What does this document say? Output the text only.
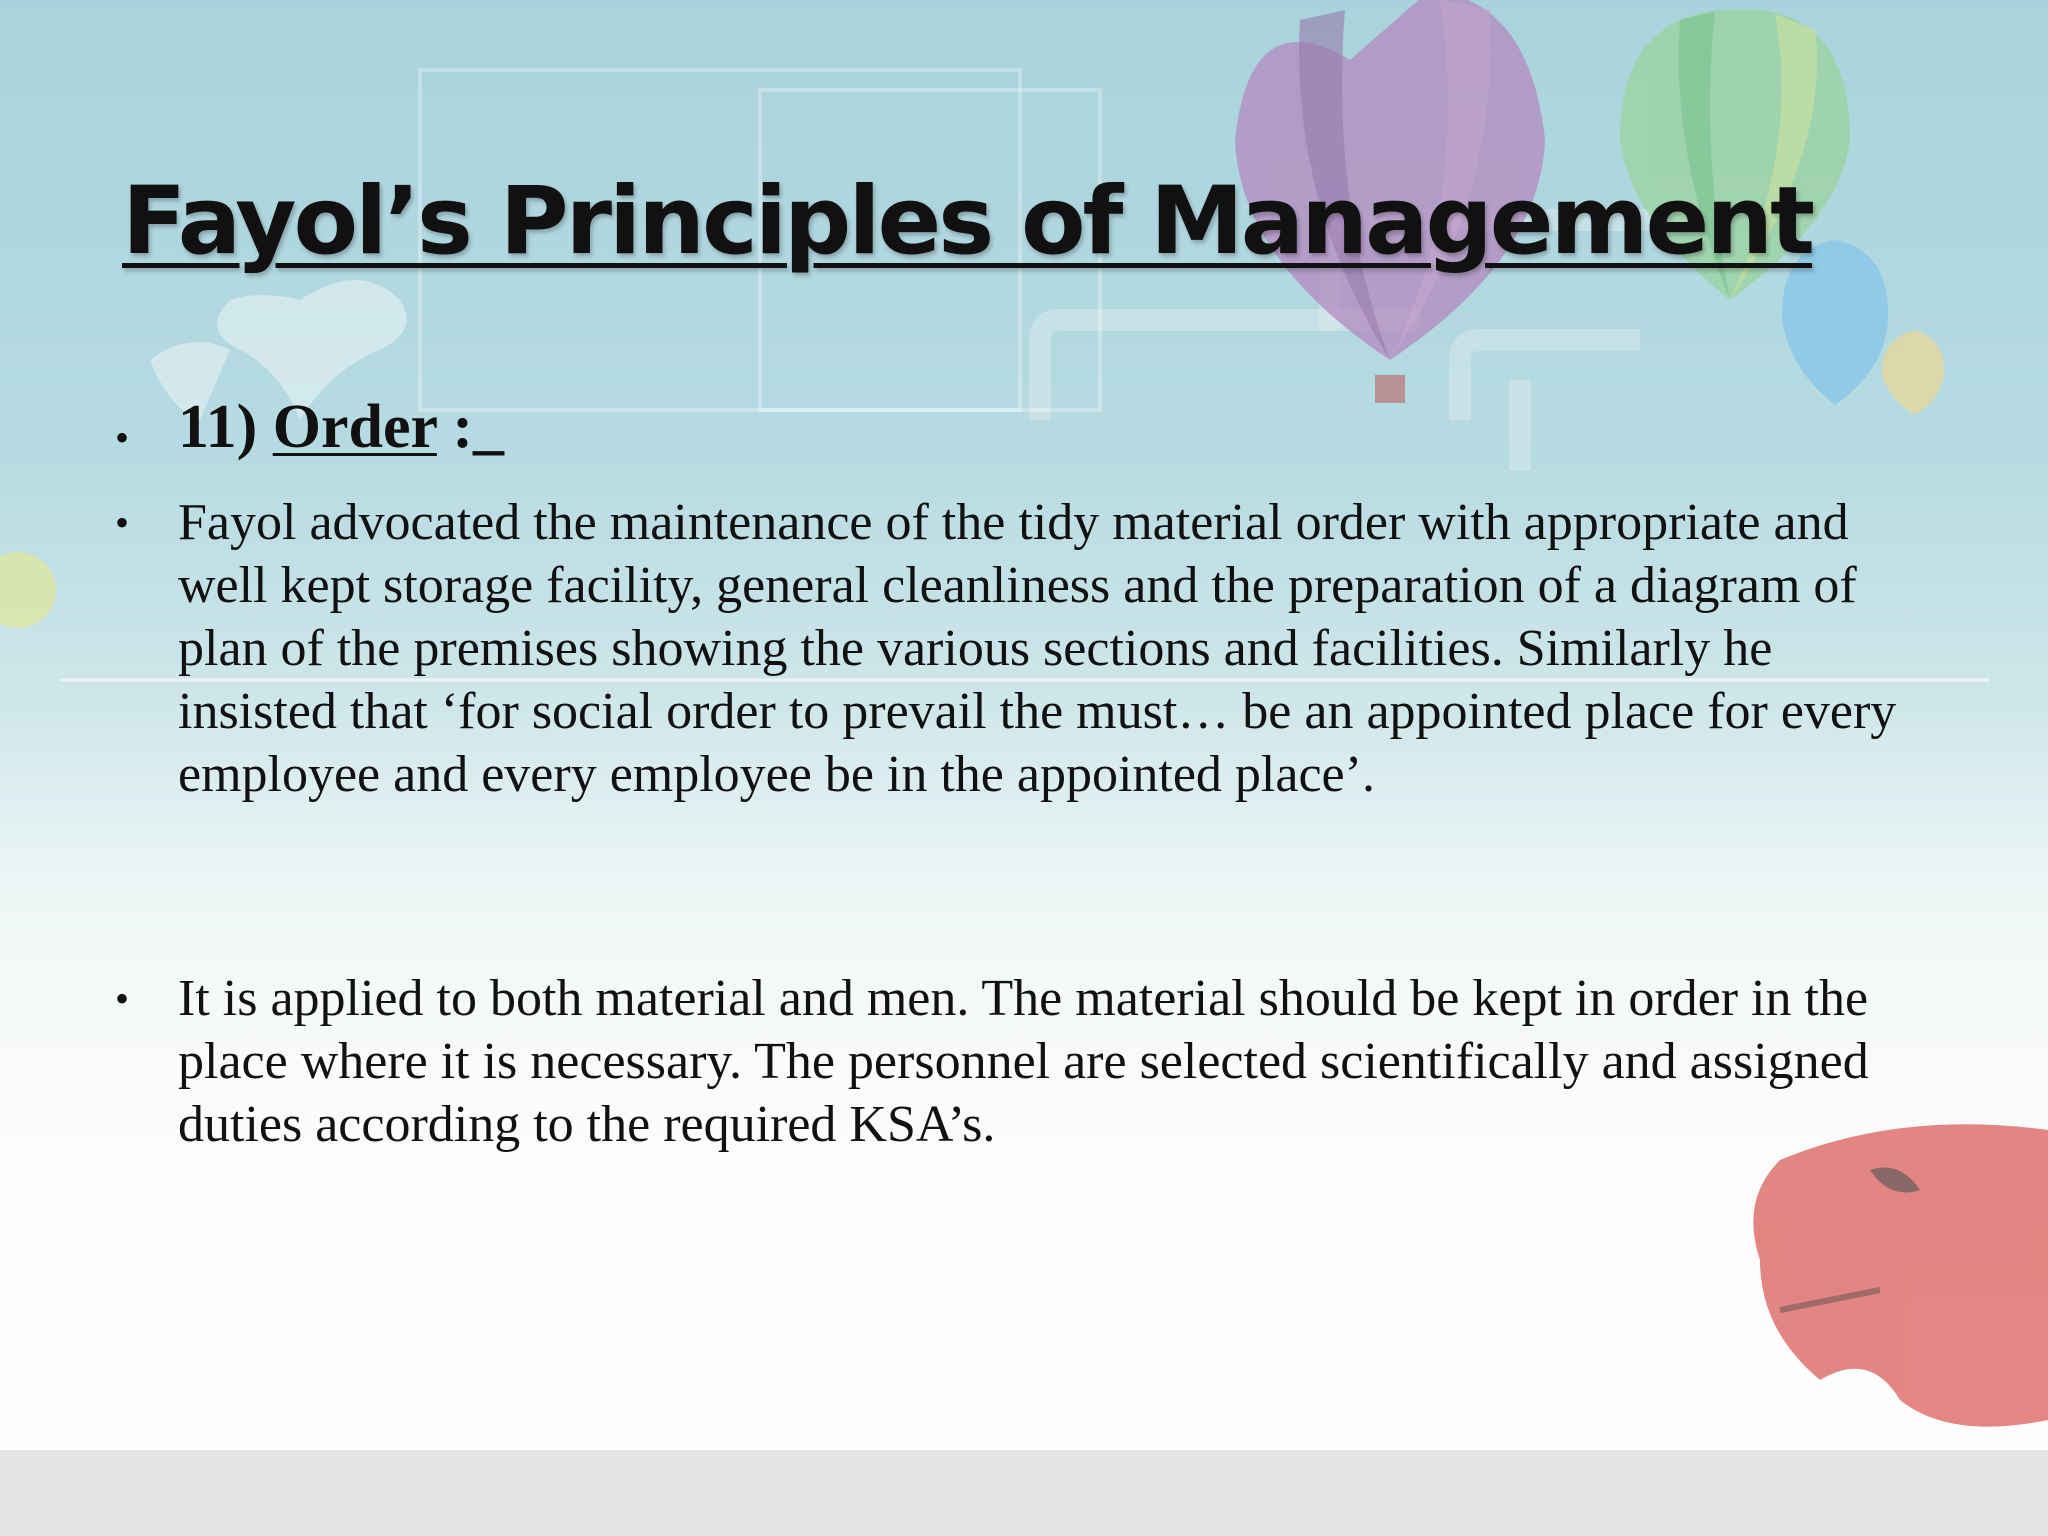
Fayol’s Principles of Management
• 11) Order :_
• Fayol advocated the maintenance of the tidy material order with appropriate and well kept storage facility, general cleanliness and the preparation of a diagram of plan of the premises showing the various sections and facilities. Similarly he insisted that ‘for social order to prevail the must… be an appointed place for every employee and every employee be in the appointed place’.
• It is applied to both material and men. The material should be kept in order in the place where it is necessary. The personnel are selected scientifically and assigned duties according to the required KSA’s.
